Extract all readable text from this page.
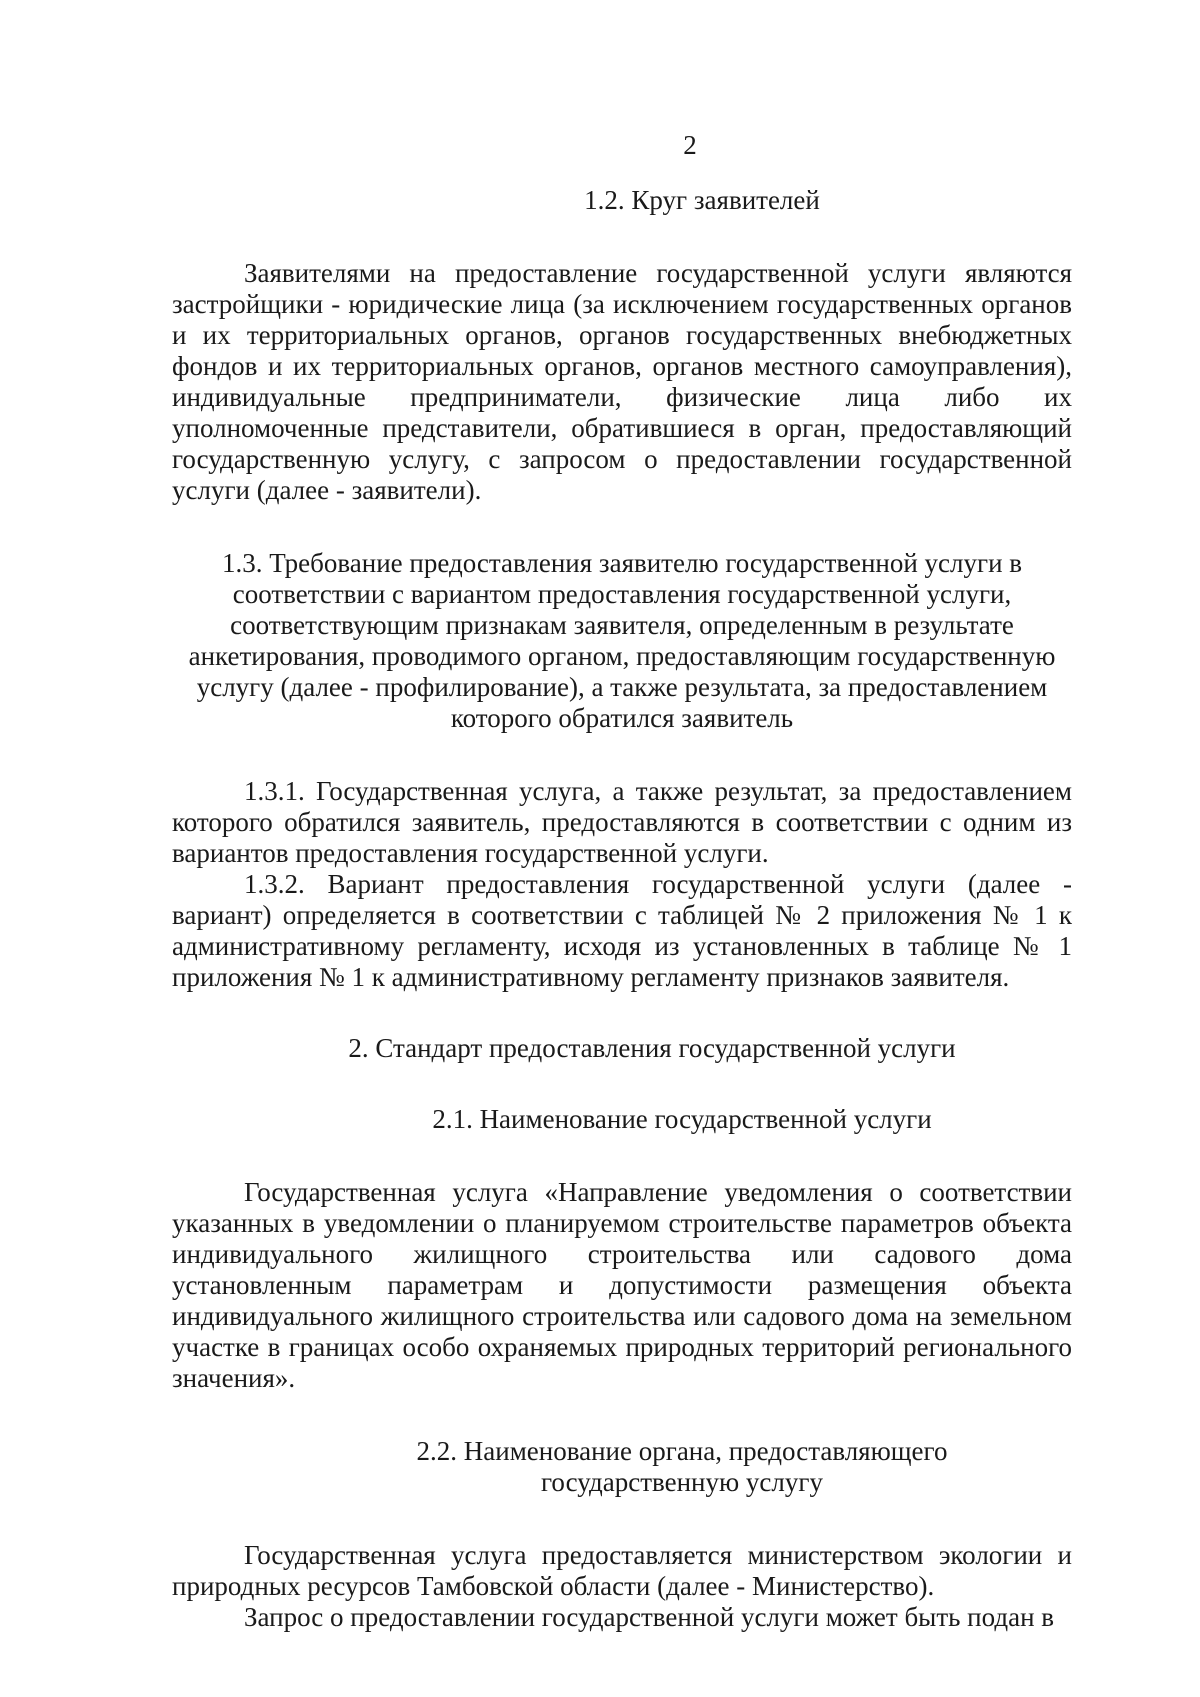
2
1.2. Круг заявителей

Заявителями на предоставление государственной услуги являются застройщики - юридические лица (за исключением государственных органов и их территориальных органов, органов государственных внебюджетных фондов и их территориальных органов, органов местного самоуправления), индивидуальные предприниматели, физические лица либо их уполномоченные представители, обратившиеся в орган, предоставляющий государственную услугу, с запросом о предоставлении государственной услуги (далее - заявители).

1.3. Требование предоставления заявителю государственной услуги в соответствии с вариантом предоставления государственной услуги, соответствующим признакам заявителя, определенным в результате анкетирования, проводимого органом, предоставляющим государственную услугу (далее - профилирование), а также результата, за предоставлением которого обратился заявитель

1.3.1. Государственная услуга, а также результат, за предоставлением которого обратился заявитель, предоставляются в соответствии с одним из вариантов предоставления государственной услуги.

1.3.2. Вариант предоставления государственной услуги (далее - вариант) определяется в соответствии с таблицей № 2 приложения № 1 к административному регламенту, исходя из установленных в таблице № 1 приложения № 1 к административному регламенту признаков заявителя.

2. Стандарт предоставления государственной услуги
2.1. Наименование государственной услуги

Государственная услуга «Направление уведомления о соответствии указанных в уведомлении о планируемом строительстве параметров объекта индивидуального жилищного строительства или садового дома установленным параметрам и допустимости размещения объекта индивидуального жилищного строительства или садового дома на земельном участке в границах особо охраняемых природных территорий регионального значения».

2.2. Наименование органа, предоставляющего
государственную услугу

Государственная услуга предоставляется министерством экологии и природных ресурсов Тамбовской области (далее - Министерство).

Запрос о предоставлении государственной услуги может быть подан в
